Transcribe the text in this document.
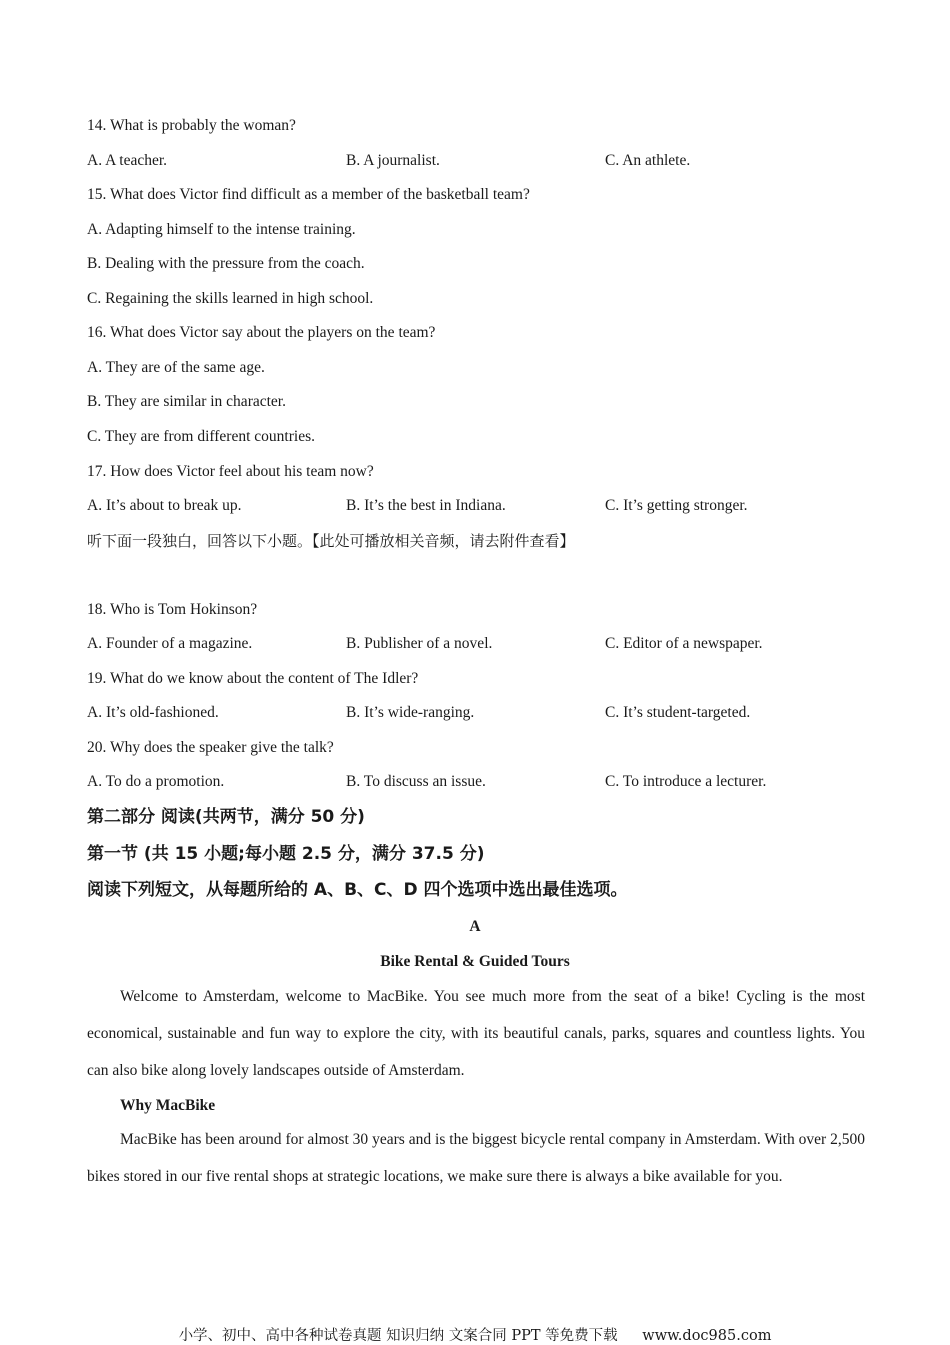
14. What is probably the woman?
A. A teacher.	B. A journalist.	C. An athlete.
15. What does Victor find difficult as a member of the basketball team?
A. Adapting himself to the intense training.
B. Dealing with the pressure from the coach.
C. Regaining the skills learned in high school.
16. What does Victor say about the players on the team?
A. They are of the same age.
B. They are similar in character.
C. They are from different countries.
17. How does Victor feel about his team now?
A. It’s about to break up.	B. It’s the best in Indiana.	C. It’s getting stronger.
听下面一段独白，回答以下小题。【此处可播放相关音频，请去附件查看】
18. Who is Tom Hokinson?
A. Founder of a magazine.	B. Publisher of a novel.	C. Editor of a newspaper.
19. What do we know about the content of The Idler?
A. It’s old-fashioned.	B. It’s wide-ranging.	C. It’s student-targeted.
20. Why does the speaker give the talk?
A. To do a promotion.	B. To discuss an issue.	C. To introduce a lecturer.
第二部分 阅读(共两节，满分 50 分)
第一节 (共 15 小题;每小题 2.5 分，满分 37.5 分)
阅读下列短文，从每题所给的 A、B、C、D 四个选项中选出最佳选项。
A
Bike Rental & Guided Tours

Welcome to Amsterdam, welcome to MacBike. You see much more from the seat of a bike! Cycling is the most economical, sustainable and fun way to explore the city, with its beautiful canals, parks, squares and countless lights. You can also bike along lovely landscapes outside of Amsterdam.

Why MacBike

MacBike has been around for almost 30 years and is the biggest bicycle rental company in Amsterdam. With over 2,500 bikes stored in our five rental shops at strategic locations, we make sure there is always a bike available for you.

小学、初中、高中各种试卷真题 知识归纳 文案合同 PPT 等免费下载 www.doc985.com
